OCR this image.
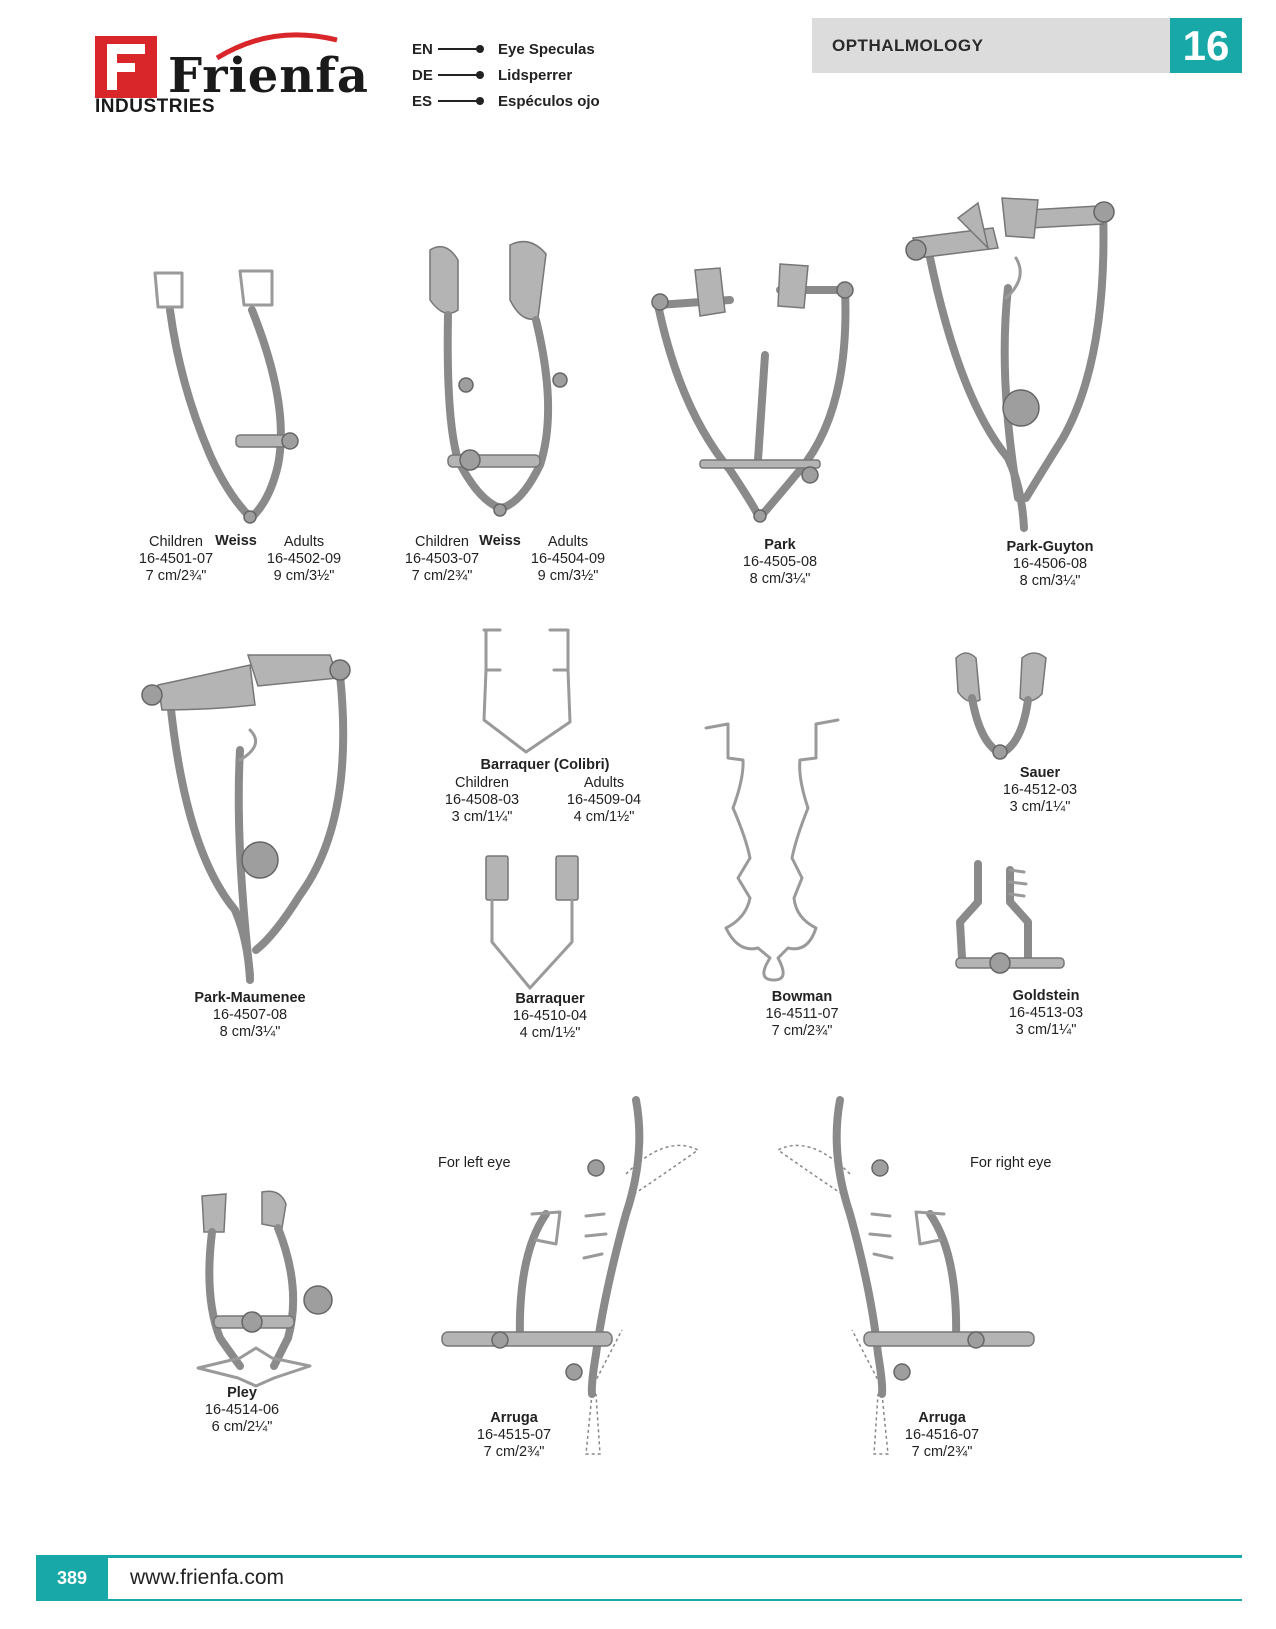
Frienfa
INDUSTRIES
EN	Eye Speculas
DE	Lidsperrer
ES	Espéculos ojo
OPTHALMOLOGY	16
Children
16-4501-07
7 cm/2¾"
Weiss	Adults
16-4502-09
9 cm/3½"
Children
16-4503-07
7 cm/2¾"
Weiss	Adults
16-4504-09
9 cm/3½"
Park
16-4505-08
8 cm/3¼"
Park-Guyton
16-4506-08
8 cm/3¼"
Park-Maumenee
16-4507-08
8 cm/3¼"
Barraquer (Colibri)
Children
16-4508-03
3 cm/1¼"
Adults
16-4509-04
4 cm/1½"
Barraquer
16-4510-04
4 cm/1½"
Bowman
16-4511-07
7 cm/2¾"
Sauer
16-4512-03
3 cm/1¼"
Goldstein
16-4513-03
3 cm/1¼"
For left eye	For right eye
Pley
16-4514-06
6 cm/2¼"
Arruga
16-4515-07
7 cm/2¾"
Arruga
16-4516-07
7 cm/2¾"
389	www.frienfa.com
